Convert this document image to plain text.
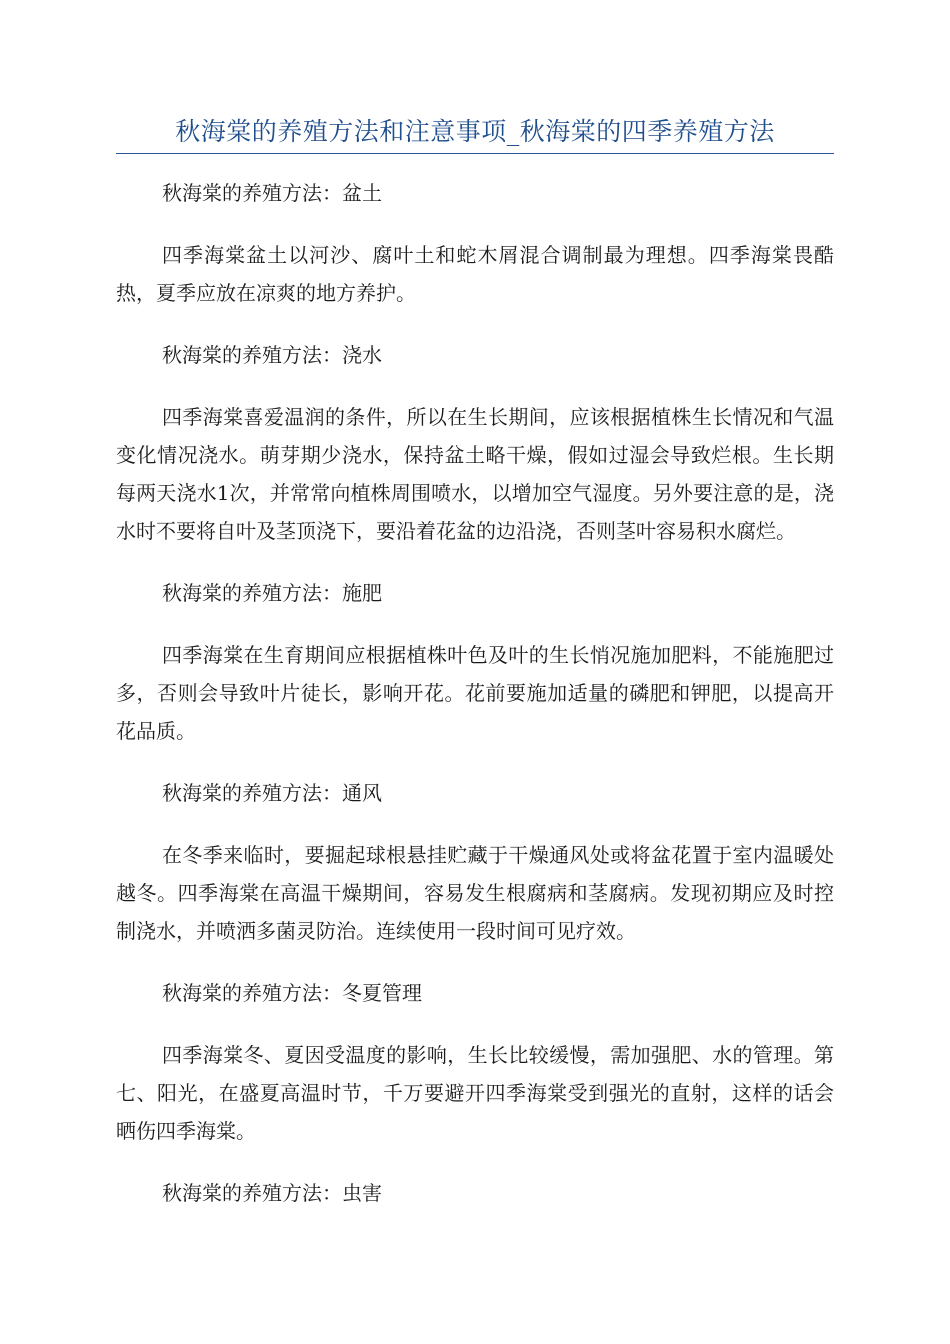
秋海棠的养殖方法和注意事项_秋海棠的四季养殖方法

秋海棠的养殖方法：盆土

四季海棠盆土以河沙、腐叶土和蛇木屑混合调制最为理想。四季海棠畏酷热，夏季应放在凉爽的地方养护。

秋海棠的养殖方法：浇水

四季海棠喜爱温润的条件，所以在生长期间，应该根据植株生长情况和气温变化情况浇水。萌芽期少浇水，保持盆土略干燥，假如过湿会导致烂根。生长期每两天浇水1次，并常常向植株周围喷水，以增加空气湿度。另外要注意的是，浇水时不要将自叶及茎顶浇下，要沿着花盆的边沿浇，否则茎叶容易积水腐烂。

秋海棠的养殖方法：施肥

四季海棠在生育期间应根据植株叶色及叶的生长悄况施加肥料，不能施肥过多，否则会导致叶片徒长，影响开花。花前要施加适量的磷肥和钾肥，以提高开花品质。

秋海棠的养殖方法：通风

在冬季来临时，要掘起球根悬挂贮藏于干燥通风处或将盆花置于室内温暖处越冬。四季海棠在高温干燥期间，容易发生根腐病和茎腐病。发现初期应及时控制浇水，并喷洒多菌灵防治。连续使用一段时间可见疗效。

秋海棠的养殖方法：冬夏管理

四季海棠冬、夏因受温度的影响，生长比较缓慢，需加强肥、水的管理。第七、阳光，在盛夏高温时节，千万要避开四季海棠受到强光的直射，这样的话会晒伤四季海棠。

秋海棠的养殖方法：虫害
